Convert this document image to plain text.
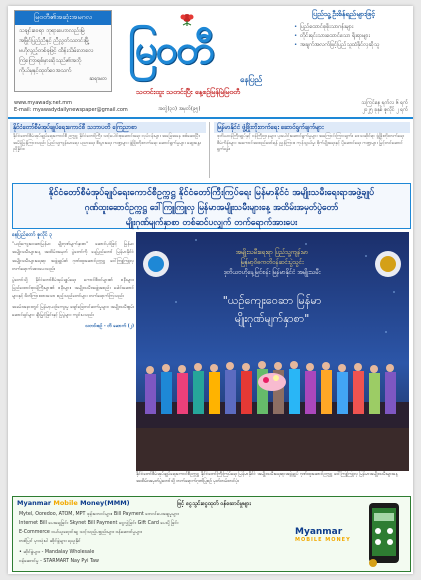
မြဝတီ၏အဆုံးအမဂလ
သချင်းဝေရာ ဘုရားဟောလည်းမြဲ
အမြိုင်ပြည်ညီနှင့် ညီညွတ်သတင်းမြို့
ဗဟိုလှည့်တစ်ခုဖြင့် ထိန်းသိမ်းလာလေ
ကြဲကြောရစ်မှားဆိုသည်၏အဘို
ကိုယ်မှနှင့်ထုတ်ဝေအသက်
ဆရာမတ
မြဝတီ
နေပြည်
သတင်းထူး သတင်းပြီး နေ့စဉ်မြန်မြဲမြဝတီ
ပြည်သူ့ဦးစိန်ရည်များဖြင့်
• ပြည်ထောင်စုစိုးသာဂန်းများ
• တိုင်းရင်းသားထောင်သော ရိုးရာများ
• အချက်အလက်ဖြင့်ပြည်သူထံခိုင်လှဆိုသူ
www.myawady.net.mm
E-mail: myawadydailynewspaper@gmail.com	အတွဲ(၃၀) အမှတ်(၉၅)
သကြင်နေ့ ရက်လ ၆ ရက်
၂၀၂၅ ခုနှစ် ဇူလိုင် ၂ ရက်
နိုင်ငံတော်စီမံအုပ်ချုပ်ရေးကောင်စီ သဘာပတိ ကြေညာစာ
နိုင်ငံတော်စီမံအုပ်ချုပ်ရေးကောင်စီ ဥက္ကဋ္ဌ နိုင်ငံတော်ကြီး သင့်ပေါင်းစုဆောင်းရေး လုပ်ငန်းများ အခြေအနေ စစ်ဆေးပြီး အမိန့်ပြန်ကြားသည်။ ပြည်သူ့ကျန်းမာရေး ပညာရေး စီးပွားရေး ကဏ္ဍများ ဖွံ့ဖြိုးတိုးတက်ရေး ဆောင်ရွက်မှုများ ဆွေးနွေးညှိနှိုင်း။
မြန်မာနိုင်ငံ ဖွံ့ဖြိုးတိုးတက်ရေး ဆောင်ရွက်ချက်များ
ဒုတိယဝန်ကြီးချုပ်နှင့် ဝန်ကြီးဌာနများ ပူးပေါင်းဆောင်ရွက်မှုများ အကြောင်းကြားချက်။ ဒေသဆိုင်ရာ ဖွံ့ဖြိုးတိုးတက်ရေး စီမံကိန်းများ အကောင်အထည်ဖော်ရန် ညွှန်ကြား။ ကုန်သွယ်မှု၊ စိုက်ပျိုးရေးနှင့် ပို့ဆောင်ရေး ကဏ္ဍများ မြှင့်တင်ဆောင်ရွက်ရန်။
နိုင်ငံတော်စီမံအုပ်ချုပ်ရေးကောင်စီဥက္ကဋ္ဌ နိုင်ငံတော်ကြီးကြပ်ရေး မြန်မာနိုင်ငံ အမျိုးသမီးရေးရာအဖွဲ့ချုပ်
ဂုဏ်ထူးဆောင်ဥက္ကဋ္ဌ ဒေါ်ကြူကြူလှ မြန်မာအမျိုးသမီးများနေ့ အထိမ်းအမှတ်ပွဲတော်
မျိုးဂုဏ်မျက်နှာစာ တစ်ဆင်ပလျှက် တက်ရောက်အားပေး
နေပြည်တော် ဇူလိုင် ၃

"ယဉ်ကျေးဝေဆာမြန်မာ မျိုးဂုဏ်မျက်နှာစာ" ဆောင်ပုဒ်ဖြင့် မြန်မာအမျိုးသမီးများနေ့ အထိမ်းအမှတ် ပွဲတော်ကို နေပြည်တော် မြန်မာနိုင်ငံ အမျိုးသမီးများရေးရာ အဖွဲ့ချုပ်၏ ဂုဏ်ထူးဆောင်ဥက္ကဋ္ဌ ဒေါ်ကြူကြူလှ တက်ရောက်အားပေးသည်။

ပွဲတော်သို့ နိုင်ငံတော်စီမံအုပ်ချုပ်ရေး ကောင်စီဝင်များ၏ ဇနီးများ၊ ပြည်ထောင်စုဝန်ကြီးများ၏ ဇနီးများ၊ အမျိုးသမီးအဖွဲ့အစည်း ခေါင်းဆောင်များနှင့် ဖိတ်ကြားထားသော ဧည့်သည်တော်များ တက်ရောက်ကြသည်။

အခမ်းအနားတွင် မြန်မာ့ယဉ်ကျေးမှု ဖျော်ဖြေတင်ဆက်မှုများ၊ အမျိုးသမီးစွမ်းဆောင်ရှင်များ ချီးမြှင့်ခြင်းနှင့် ပြပွဲများ ကျင်းပသည်။

သတင်းစဉ် - တိ ဆောက် (၂)

အမျိုးသမီးရေးရာ ပြည်သူ့ကျန်းမာ
မြန်မာ့ဝိဓကတိဝန်ဆင်းပွဲသွင်း
ဒုတိယဗဟိုနေ့မြင်စန်း မြန်မာနိုင်ငံ အမျိုးသမီး
"ယဉ်ကျေးဝေဆာ မြန်မာ
မျိုးဂုဏ်မျက်နှာစာ"
နိုင်ငံတော်စီမံအုပ်ချုပ်ရေးကောင်စီဥက္ကဋ္ဌ နိုင်ငံတော်ကြီးကြပ်ရေး မြန်မာနိုင်ငံ အမျိုးသမီးရေးရာအဖွဲ့ချုပ် ဂုဏ်ထူးဆောင်ဥက္ကဋ္ဌ ဒေါ်ကြူကြူလှ မြန်မာအမျိုးသမီးများနေ့ အထိမ်းအမှတ်ပွဲတော်သို့ တက်ရောက်ဂုဏ်ပြုစဉ် မှတ်တမ်းတင်ပုံ။
Myanmar Mobile Money(MMM)	ဖြင့် ငွေသွင်းငွေထုတ် ဝန်ဆောင်မှုများ
Mytel, Ooredoo, ATOM, MPT ဖုန်းဘေလ်များ၊ Bill Payment ဘေလ်ပေးချေမှုများ
Internet Bill ပေးချေခြင်း Skynet Bill Payment ငွေလွှဲခြင်း Gift Card ပေးပို့ခြင်း
E-Commerce ဝယ်ယူရောင်းချ သင့်သည့်ပစ္စည်းများ ဝန်ဆောင်မှုများ
တစ်ပြင် မှာသုံးပါ ဆိုင်ခွဲများ ရယူနိုင်
• ဆိုင်ခွဲများ - Mandalay Wholesale
ဝန်ဆောင်မှု - STARMART Nay Pyi Taw
Myanmar
MOBILE MONEY
